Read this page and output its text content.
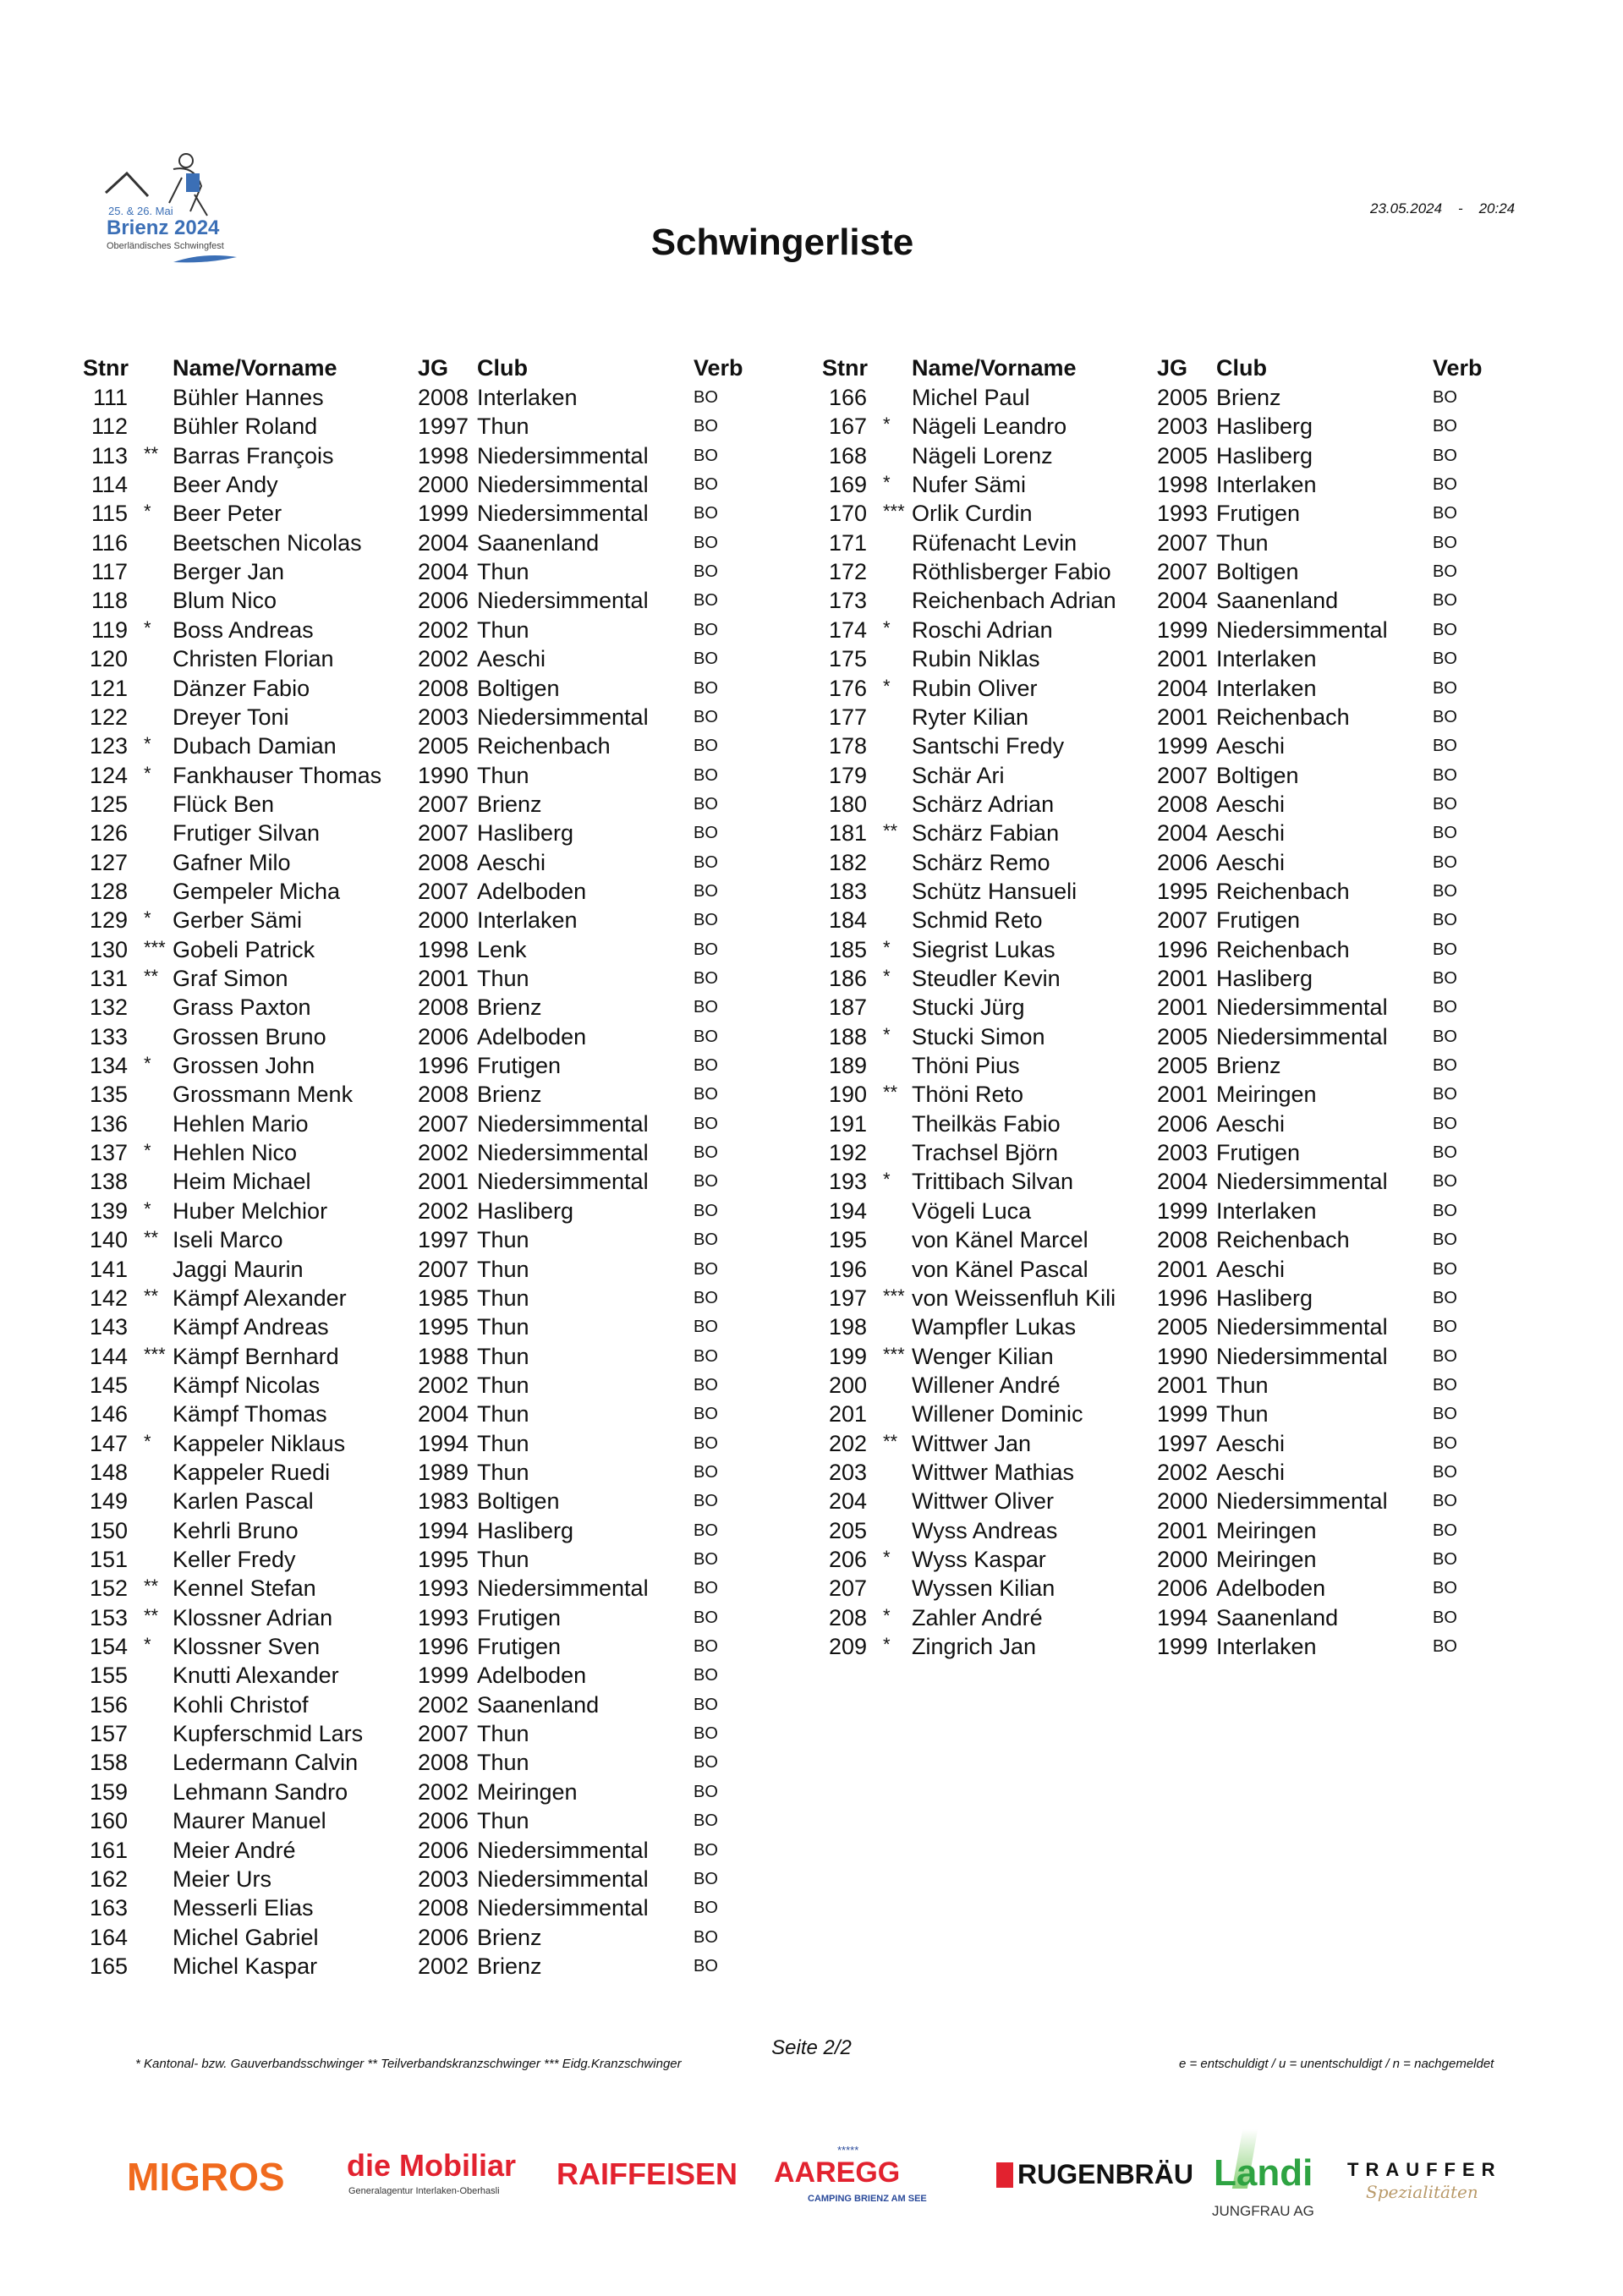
25. & 26. Mai
Brienz 2024
Oberländisches Schwingfest	Schwingerliste
23.05.2024 - 20:24
Stnr Name/Vorname	JG Club	Verb
111 Bühler Hannes	2008 Interlaken	BO
112 Bühler Roland	1997 Thun	BO
113 ** Barras François	1998 Niedersimmental	BO
114 Beer Andy	2000 Niedersimmental	BO
115 * Beer Peter	1999 Niedersimmental	BO
116 Beetschen Nicolas 2004 Saanenland	BO
117 Berger Jan	2004 Thun	BO
118 Blum Nico	2006 Niedersimmental	BO
119 * Boss Andreas	2002 Thun	BO
120 Christen Florian	2002 Aeschi	BO
121 Dänzer Fabio	2008 Boltigen	BO
122 Dreyer Toni	2003 Niedersimmental	BO
123 * Dubach Damian	2005 Reichenbach	BO
124 * Fankhauser Thomas 1990 Thun	BO
125 Flück Ben	2007 Brienz	BO
126 Frutiger Silvan	2007 Hasliberg	BO
127 Gafner Milo	2008 Aeschi	BO
128 Gempeler Micha	2007 Adelboden	BO
129 * Gerber Sämi	2000 Interlaken	BO
130 *** Gobeli Patrick	1998 Lenk	BO
131 ** Graf Simon	2001 Thun	BO
132 Grass Paxton	2008 Brienz	BO
133 Grossen Bruno	2006 Adelboden	BO
134 * Grossen John	1996 Frutigen	BO
135 Grossmann Menk	2008 Brienz	BO
136 Hehlen Mario	2007 Niedersimmental	BO
137 * Hehlen Nico	2002 Niedersimmental	BO
138 Heim Michael	2001 Niedersimmental	BO
139 * Huber Melchior	2002 Hasliberg	BO
140 ** Iseli Marco	1997 Thun	BO
141 Jaggi Maurin	2007 Thun	BO
142 ** Kämpf Alexander	1985 Thun	BO
143 Kämpf Andreas	1995 Thun	BO
144 *** Kämpf Bernhard	1988 Thun	BO
145 Kämpf Nicolas	2002 Thun	BO
146 Kämpf Thomas	2004 Thun	BO
147 * Kappeler Niklaus	1994 Thun	BO
148 Kappeler Ruedi	1989 Thun	BO
149 Karlen Pascal	1983 Boltigen	BO
150 Kehrli Bruno	1994 Hasliberg	BO
151 Keller Fredy	1995 Thun	BO
152 ** Kennel Stefan	1993 Niedersimmental	BO
153 ** Klossner Adrian	1993 Frutigen	BO
154 * Klossner Sven	1996 Frutigen	BO
155 Knutti Alexander	1999 Adelboden	BO
156 Kohli Christof	2002 Saanenland	BO
157 Kupferschmid Lars 2007 Thun	BO
158 Ledermann Calvin	2008 Thun	BO
159 Lehmann Sandro	2002 Meiringen	BO
160 Maurer Manuel	2006 Thun	BO
161 Meier André	2006 Niedersimmental	BO
162 Meier Urs	2003 Niedersimmental	BO
163 Messerli Elias	2008 Niedersimmental	BO
164 Michel Gabriel	2006 Brienz	BO
165 Michel Kaspar	2002 Brienz	BO
Stnr Name/Vorname	JG Club	Verb
166 Michel Paul	2005 Brienz	BO
167 * Nägeli Leandro	2003 Hasliberg	BO
168 Nägeli Lorenz	2005 Hasliberg	BO
169 * Nufer Sämi	1998 Interlaken	BO
170 *** Orlik Curdin	1993 Frutigen	BO
171 Rüfenacht Levin	2007 Thun	BO
172 Röthlisberger Fabio 2007 Boltigen	BO
173 Reichenbach Adrian 2004 Saanenland	BO
174 * Roschi Adrian	1999 Niedersimmental	BO
175 Rubin Niklas	2001 Interlaken	BO
176 * Rubin Oliver	2004 Interlaken	BO
177 Ryter Kilian	2001 Reichenbach	BO
178 Santschi Fredy	1999 Aeschi	BO
179 Schär Ari	2007 Boltigen	BO
180 Schärz Adrian	2008 Aeschi	BO
181 ** Schärz Fabian	2004 Aeschi	BO
182 Schärz Remo	2006 Aeschi	BO
183 Schütz Hansueli	1995 Reichenbach	BO
184 Schmid Reto	2007 Frutigen	BO
185 * Siegrist Lukas	1996 Reichenbach	BO
186 * Steudler Kevin	2001 Hasliberg	BO
187 Stucki Jürg	2001 Niedersimmental	BO
188 * Stucki Simon	2005 Niedersimmental	BO
189 Thöni Pius	2005 Brienz	BO
190 ** Thöni Reto	2001 Meiringen	BO
191 Theilkäs Fabio	2006 Aeschi	BO
192 Trachsel Björn	2003 Frutigen	BO
193 * Trittibach Silvan	2004 Niedersimmental	BO
194 Vögeli Luca	1999 Interlaken	BO
195 von Känel Marcel	2008 Reichenbach	BO
196 von Känel Pascal	2001 Aeschi	BO
197 *** von Weissenfluh Kili 1996 Hasliberg	BO
198 Wampfler Lukas	2005 Niedersimmental	BO
199 *** Wenger Kilian	1990 Niedersimmental	BO
200 Willener André	2001 Thun	BO
201 Willener Dominic	1999 Thun	BO
202 ** Wittwer Jan	1997 Aeschi	BO
203 Wittwer Mathias	2002 Aeschi	BO
204 Wittwer Oliver	2000 Niedersimmental	BO
205 Wyss Andreas	2001 Meiringen	BO
206 * Wyss Kaspar	2000 Meiringen	BO
207 Wyssen Kilian	2006 Adelboden	BO
208 * Zahler André	1994 Saanenland	BO
209 * Zingrich Jan	1999 Interlaken	BO
Seite 2/2
* Kantonal- bzw. Gauverbandsschwinger ** Teilverbandskranzschwinger *** Eidg.Kranzschwinger	e = entschuldigt / u = unentschuldigt / n = nachgemeldet
MIGROS die Mobiliar
Generalagentur Interlaken-Oberhasli RAIFFEISEN
*****
AAREGG
CAMPING BRIENZ AM SEE
RUGENBRÄU Landi
JUNGFRAU AG
TRAUFFER
Spezialitäten
